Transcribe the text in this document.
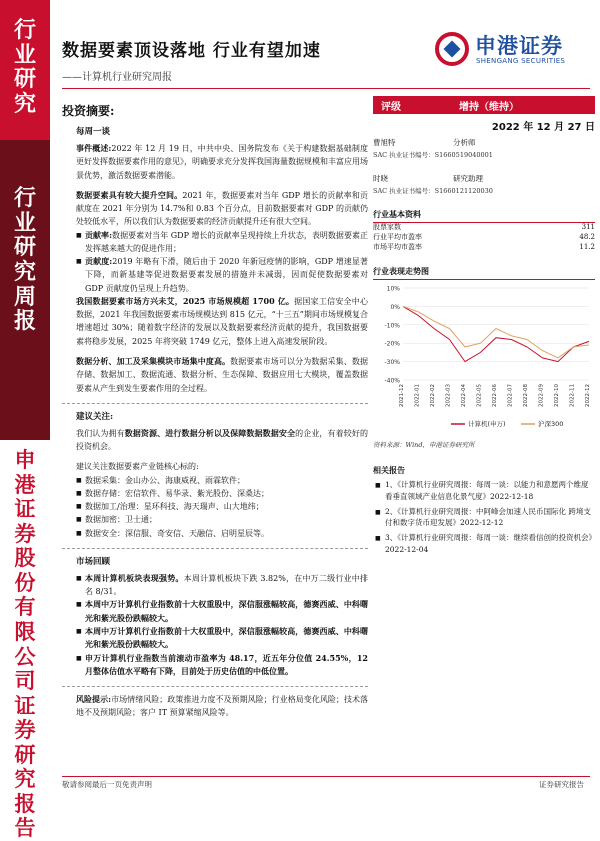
行
业
研
究
行
业
研
究
周
报
申
港
证
券
股
份
有
限
公
司
证
券
研
究
报
告
数据要素顶设落地 行业有望加速
——计算机行业研究周报
申港证券
SHENGANG SECURITIES
投资摘要:
每周一谈
事件概述:2022 年 12 月 19 日，中共中央、国务院发布《关于构建数据基础制度更好发挥数据要素作用的意见》，明确要求充分发挥我国海量数据规模和丰富应用场景优势，激活数据要素潜能。
数据要素具有较大提升空间。2021 年，数据要素对当年 GDP 增长的贡献率和贡献度在 2021 年分别为 14.7%和 0.83 个百分点，目前数据要素对 GDP 的贡献仍处较低水平，所以我们认为数据要素的经济贡献提升还有很大空间。
■ 贡献率:数据要素对当年 GDP 增长的贡献率呈现持续上升状态，表明数据要素正发挥越来越大的促进作用；
■ 贡献度:2019 年略有下滑，随后由于 2020 年新冠疫情的影响，GDP 增速显著下降，而新基建等促进数据要素发展的措施并未减弱，因而促使数据要素对 GDP 贡献度仍呈现上升趋势。
我国数据要素市场方兴未艾，2025 市场规模超 1700 亿。据国家工信安全中心数据，2021 年我国数据要素市场规模达到 815 亿元，“十三五”期间市场规模复合增速超过 30%；随着数字经济的发展以及数据要素经济贡献的提升，我国数据要素将稳步发展，2025 年将突破 1749 亿元，整体上进入高速发展阶段。
数据分析、加工及采集模块市场集中度高。数据要素市场可以分为数据采集、数据存储、数据加工、数据流通、数据分析、生态保障、数据应用七大模块，覆盖数据要素从产生到发生要素作用的全过程。
建议关注:
我们认为拥有数据资源、进行数据分析以及保障数据数据安全的企业，有着较好的投资机会。
建议关注数据要素产业链核心标的:
■ 数据采集：金山办公、海康威视、雨霖软件；
■ 数据存储：宏信软件、易华录、紫光股份、深桑达；
■ 数据加工/治理：星环科技、海天瑞声、山大地纬；
■ 数据加密：卫士通；
■ 数据安全：深信服、奇安信、天融信、启明星辰等。
市场回顾
■ 本周计算机板块表现强势。本周计算机板块下跌 3.82%，在中万二级行业中排名 8/31。
■ 本周中万计算机行业指数前十大权重股中，深信服涨幅较高，德赛西威、中科曙光和紫光股份跌幅较大。
■ 本周中万计算机行业指数前十大权重股中，深信服涨幅较高，德赛西威、中科曙光和紫光股份跌幅较大。
■ 申万计算机行业指数当前滚动市盈率为 48.17，近五年分位值 24.55%，12 月整体估值水平略有下降，目前处于历史估值的中低位置。
风险提示:市场情绪风险；政策推进力度不及预期风险；行业格局变化风险；技术落地不及预期风险；客户 IT 预算紧缩风险等。
评级	增持（维持）
2022 年 12 月 27 日
曹旭特	分析师
SAC 执业证书编号：S1660519040001
时晓	研究助理
SAC 执业证书编号：S1660121120030
行业基本资料
股票家数	311
行业平均市盈率	48.2
市场平均市盈率	11.2
行业表现走势图
10%
0%
-10%
-20%
-30%
-40%
2021-12 2022-01 2022-02 2022-03 2022-04 2022-05 2022-06 2022-07 2022-08 2022-09 2022-10 2022-11 2022-12
计算机(申万)	沪深300
资料来源：Wind，申港证券研究所
相关报告
■ 1、《计算机行业研究周报：每周一谈：以能力和意愿两个维度看垂直领域产业信息化景气度》2022-12-18
■ 2、《计算机行业研究周报：中阿峰会加速人民币国际化 跨境支付和数字货币迎发展》2022-12-12
■ 3、《计算机行业研究周报：每周一谈：继续看信创的投资机会》2022-12-04
敬请参阅最后一页免责声明	证券研究报告
